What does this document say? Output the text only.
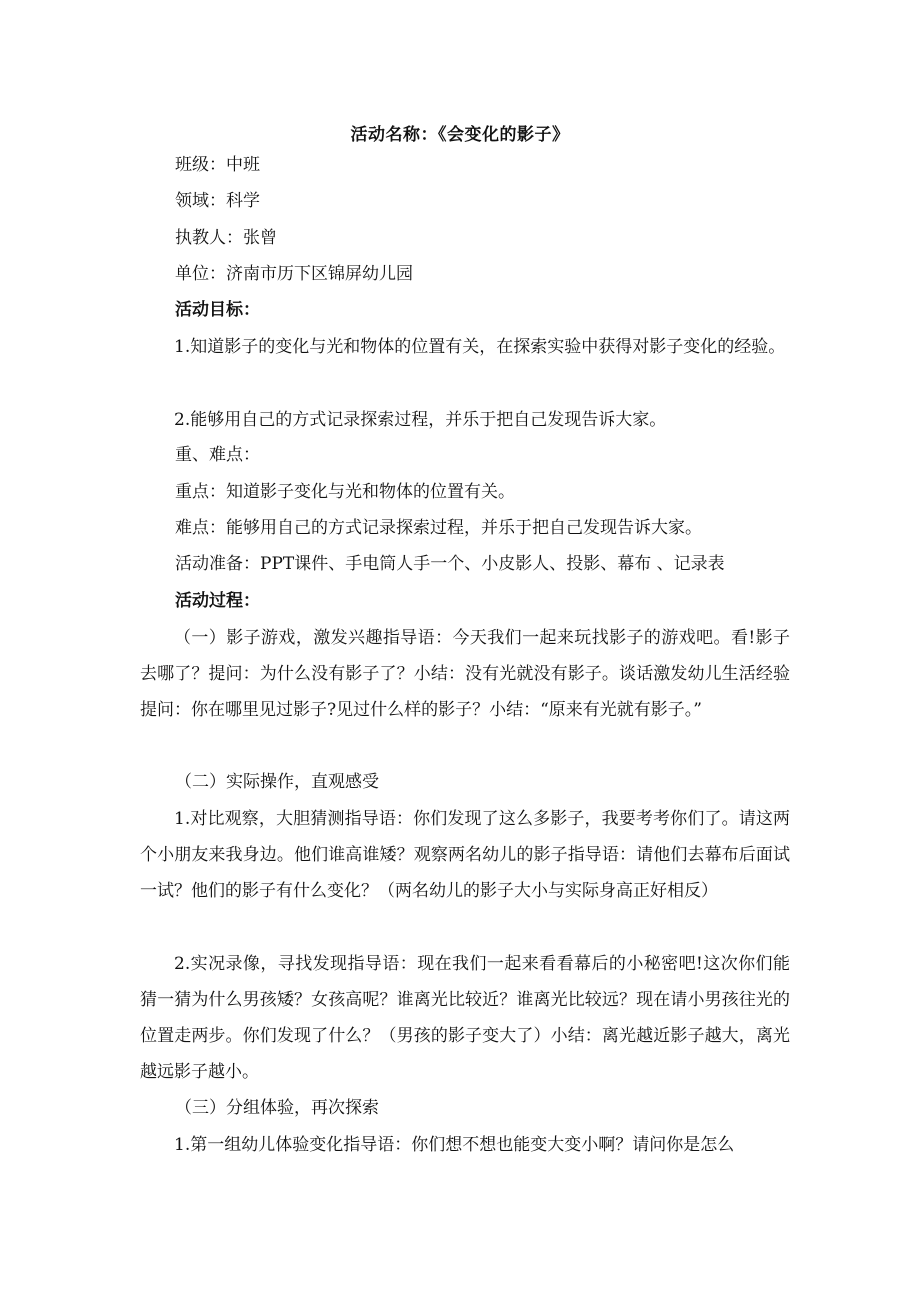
活动名称：《会变化的影子》
班级：中班
领域：科学
执教人：张曾
单位：济南市历下区锦屏幼儿园
活动目标：
1.知道影子的变化与光和物体的位置有关，在探索实验中获得对影子变化的经验。
2.能够用自己的方式记录探索过程，并乐于把自己发现告诉大家。
重、难点：
重点：知道影子变化与光和物体的位置有关。
难点：能够用自己的方式记录探索过程，并乐于把自己发现告诉大家。
活动准备：PPT课件、手电筒人手一个、小皮影人、投影、幕布 、记录表
活动过程：
（一）影子游戏，激发兴趣指导语：今天我们一起来玩找影子的游戏吧。看!影子去哪了？提问：为什么没有影子了？小结：没有光就没有影子。谈话激发幼儿生活经验提问：你在哪里见过影子?见过什么样的影子？小结：“原来有光就有影子。”
（二）实际操作，直观感受
1.对比观察，大胆猜测指导语：你们发现了这么多影子，我要考考你们了。请这两个小朋友来我身边。他们谁高谁矮？观察两名幼儿的影子指导语：请他们去幕布后面试一试？他们的影子有什么变化？（两名幼儿的影子大小与实际身高正好相反）
2.实况录像，寻找发现指导语：现在我们一起来看看幕后的小秘密吧!这次你们能猜一猜为什么男孩矮？女孩高呢？谁离光比较近？谁离光比较远？现在请小男孩往光的位置走两步。你们发现了什么？（男孩的影子变大了）小结：离光越近影子越大，离光越远影子越小。
（三）分组体验，再次探索
1.第一组幼儿体验变化指导语：你们想不想也能变大变小啊？请问你是怎么
